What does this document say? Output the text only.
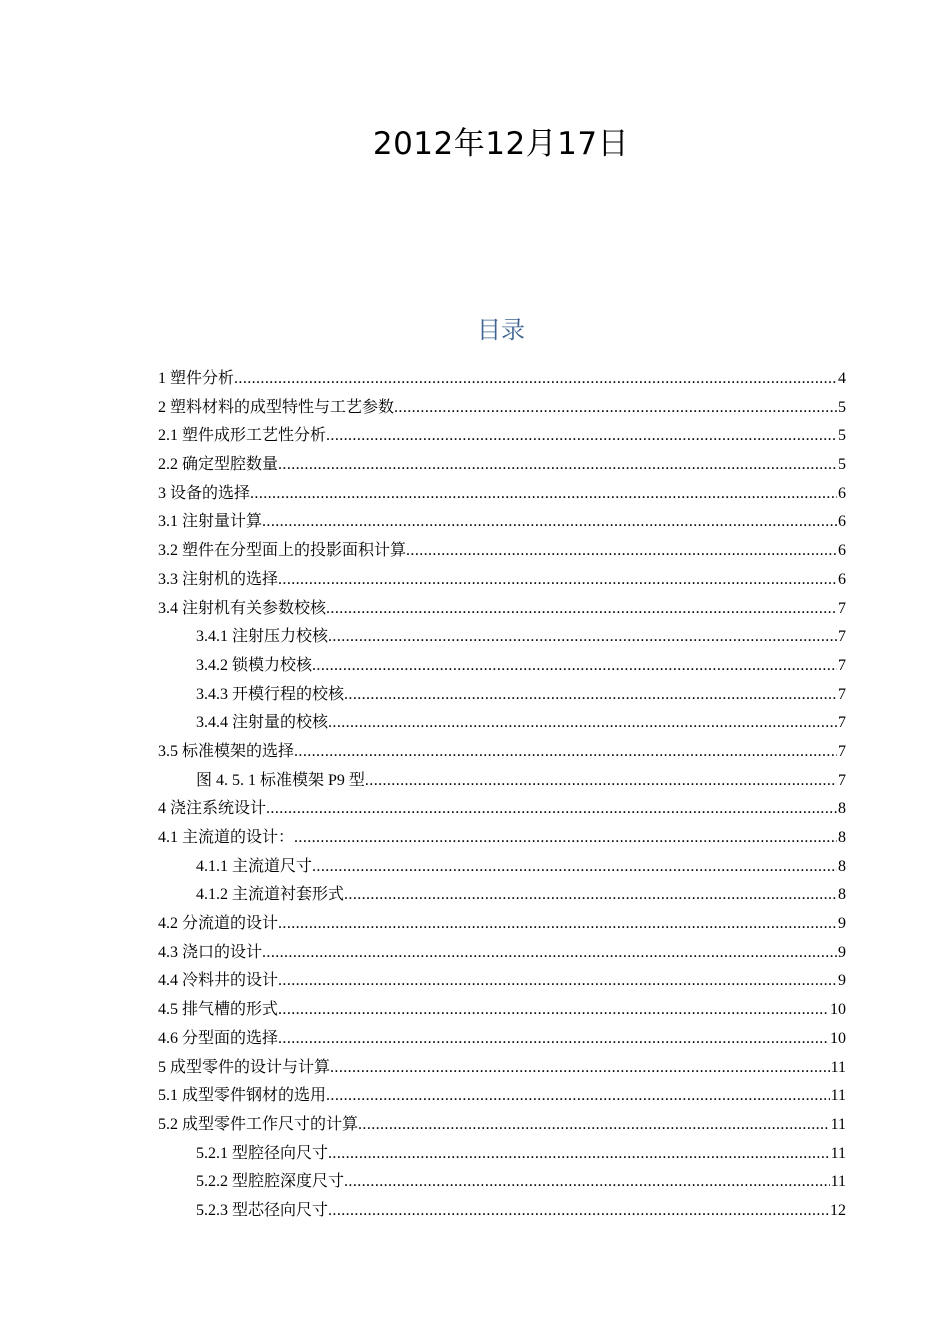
2012年12月17日
目录
1 塑件分析 .....	4
2 塑料材料的成型特性与工艺参数 .....	5
2.1 塑件成形工艺性分析 .....	5
2.2 确定型腔数量 .....	5
3 设备的选择 .....	6
3.1 注射量计算 .....	6
3.2 塑件在分型面上的投影面积计算 .....	6
3.3 注射机的选择 .....	6
3.4 注射机有关参数校核 .....	7
3.4.1 注射压力校核 .....	7
3.4.2 锁模力校核 .....	7
3.4.3 开模行程的校核 .....	7
3.4.4 注射量的校核 .....	7
3.5 标准模架的选择 .....	7
图 4. 5. 1 标准模架 P9 型 .....	7
4 浇注系统设计 .....	8
4.1 主流道的设计： .....	8
4.1.1 主流道尺寸 .....	8
4.1.2 主流道衬套形式 .....	8
4.2 分流道的设计 .....	9
4.3 浇口的设计 .....	9
4.4 冷料井的设计 .....	9
4.5 排气槽的形式 .....	10
4.6 分型面的选择 .....	10
5 成型零件的设计与计算 .....	11
5.1 成型零件钢材的选用 .....	11
5.2 成型零件工作尺寸的计算 .....	11
5.2.1 型腔径向尺寸 .....	11
5.2.2 型腔腔深度尺寸 .....	11
5.2.3 型芯径向尺寸 .....	12
